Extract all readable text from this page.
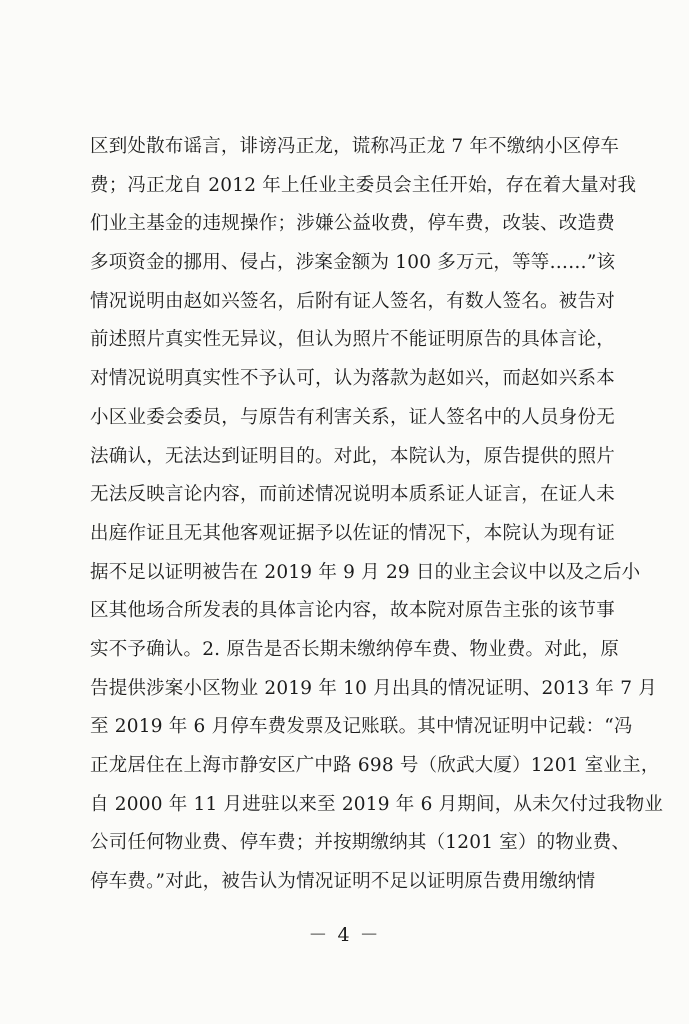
区到处散布谣言，诽谤冯正龙，谎称冯正龙 7 年不缴纳小区停车
费；冯正龙自 2012 年上任业主委员会主任开始，存在着大量对我
们业主基金的违规操作；涉嫌公益收费，停车费，改装、改造费
多项资金的挪用、侵占，涉案金额为 100 多万元，等等……”该
情况说明由赵如兴签名，后附有证人签名，有数人签名。被告对
前述照片真实性无异议，但认为照片不能证明原告的具体言论，
对情况说明真实性不予认可，认为落款为赵如兴，而赵如兴系本
小区业委会委员，与原告有利害关系，证人签名中的人员身份无
法确认，无法达到证明目的。对此，本院认为，原告提供的照片
无法反映言论内容，而前述情况说明本质系证人证言，在证人未
出庭作证且无其他客观证据予以佐证的情况下，本院认为现有证
据不足以证明被告在 2019 年 9 月 29 日的业主会议中以及之后小
区其他场合所发表的具体言论内容，故本院对原告主张的该节事
实不予确认。2. 原告是否长期未缴纳停车费、物业费。对此，原
告提供涉案小区物业 2019 年 10 月出具的情况证明、2013 年 7 月
至 2019 年 6 月停车费发票及记账联。其中情况证明中记载：“冯
正龙居住在上海市静安区广中路 698 号（欣武大厦）1201 室业主，
自 2000 年 11 月进驻以来至 2019 年 6 月期间，从未欠付过我物业
公司任何物业费、停车费；并按期缴纳其（1201 室）的物业费、
停车费。”对此，被告认为情况证明不足以证明原告费用缴纳情
－ 4 －
